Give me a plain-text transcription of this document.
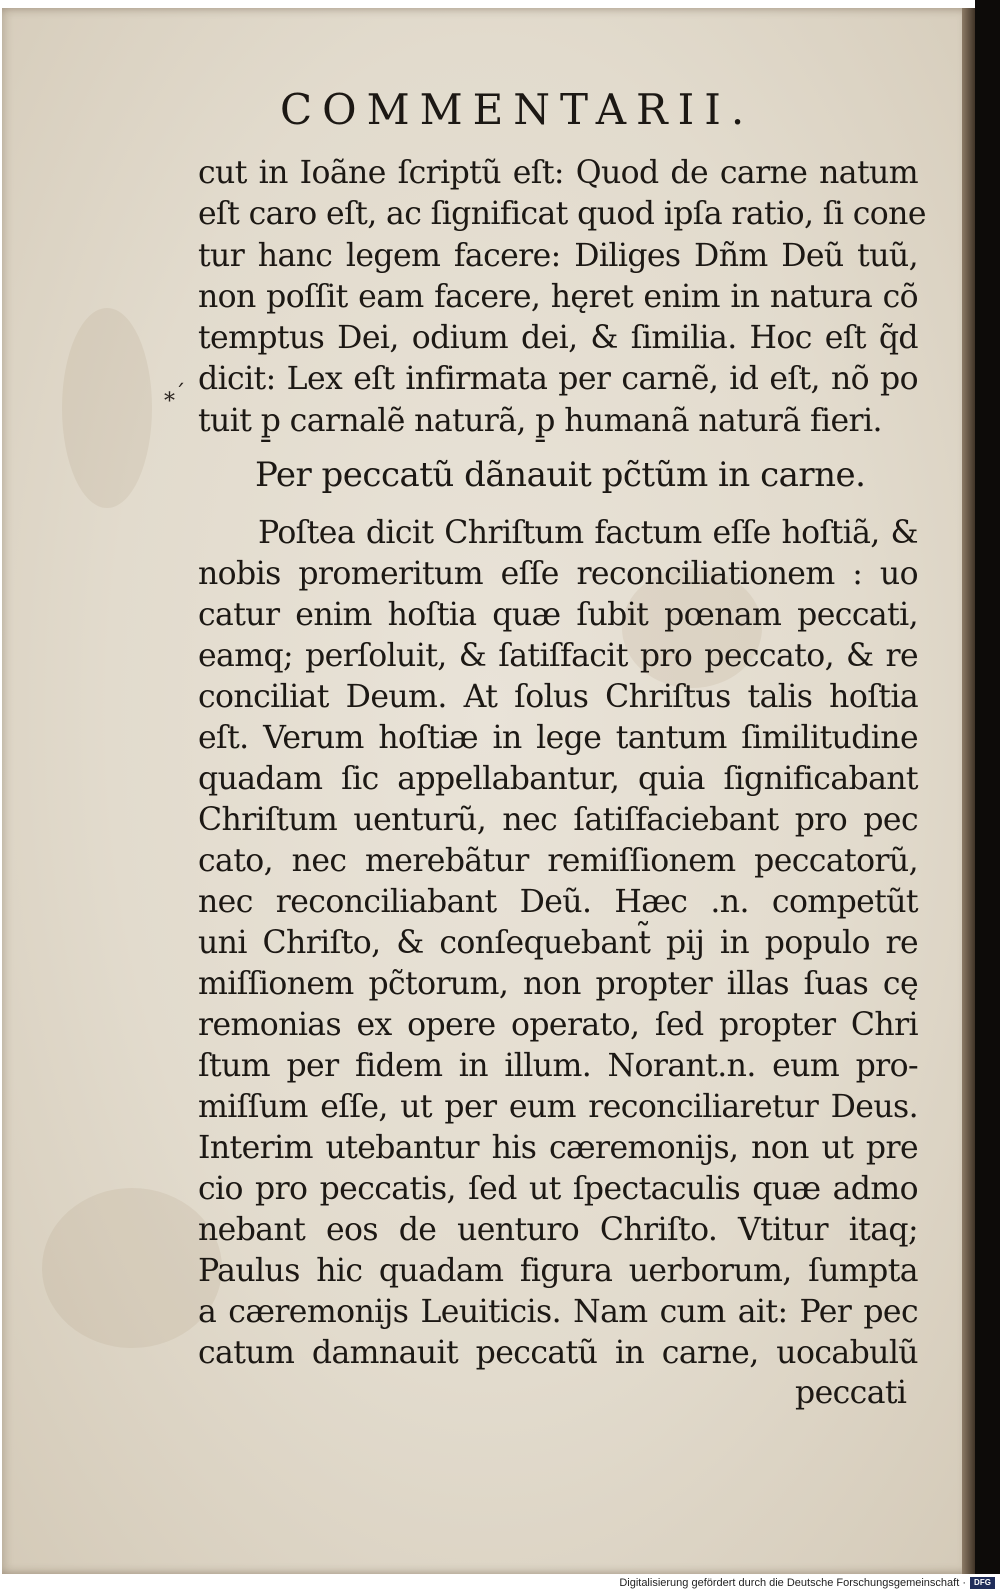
COMMENTARII.
⁎´
cut in Ioãne ſcriptũ eſt: Quod de carne natum
eſt caro eſt, ac ſignificat quod ipſa ratio, ſi cone
tur hanc legem facere: Diliges Dñm Deũ tuũ,
non poſſit eam facere, hęret enim in natura cõ
temptus Dei, odium dei, & ſimilia. Hoc eſt q̃d
dicit: Lex eſt infirmata per carnẽ, id eſt, nõ po
tuit p̱ carnalẽ naturã, p̱ humanã naturã fieri.
Per peccatũ dãnauit pc̃tũm in carne.
Poſtea dicit Chriſtum factum eſſe hoſtiã, &
nobis promeritum eſſe reconciliationem : uo
catur enim hoſtia quæ ſubit pœnam peccati,
eamq; perſoluit, & ſatiſfacit pro peccato, & re
conciliat Deum. At ſolus Chriſtus talis hoſtia
eſt. Verum hoſtiæ in lege tantum ſimilitudine
quadam ſic appellabantur, quia ſignificabant
Chriſtum uenturũ, nec ſatiſfaciebant pro pec
cato, nec merebãtur remiſſionem peccatorũ,
nec reconciliabant Deũ. Hæc .n. competũt
uni Chriſto, & conſequebant̃ pij in populo re
miſſionem pc̃torum, non propter illas ſuas cę
remonias ex opere operato, ſed propter Chri
ſtum per fidem in illum. Norant.n. eum pro-
miſſum eſſe, ut per eum reconciliaretur Deus.
Interim utebantur his cæremonijs, non ut pre
cio pro peccatis, ſed ut ſpectaculis quæ admo
nebant eos de uenturo Chriſto. Vtitur itaq;
Paulus hic quadam figura uerborum, ſumpta
a cæremonijs Leuiticis. Nam cum ait: Per pec
catum damnauit peccatũ in carne, uocabulũ
peccati
Digitalisierung gefördert durch die Deutsche Forschungsgemeinschaft ·	DFG
